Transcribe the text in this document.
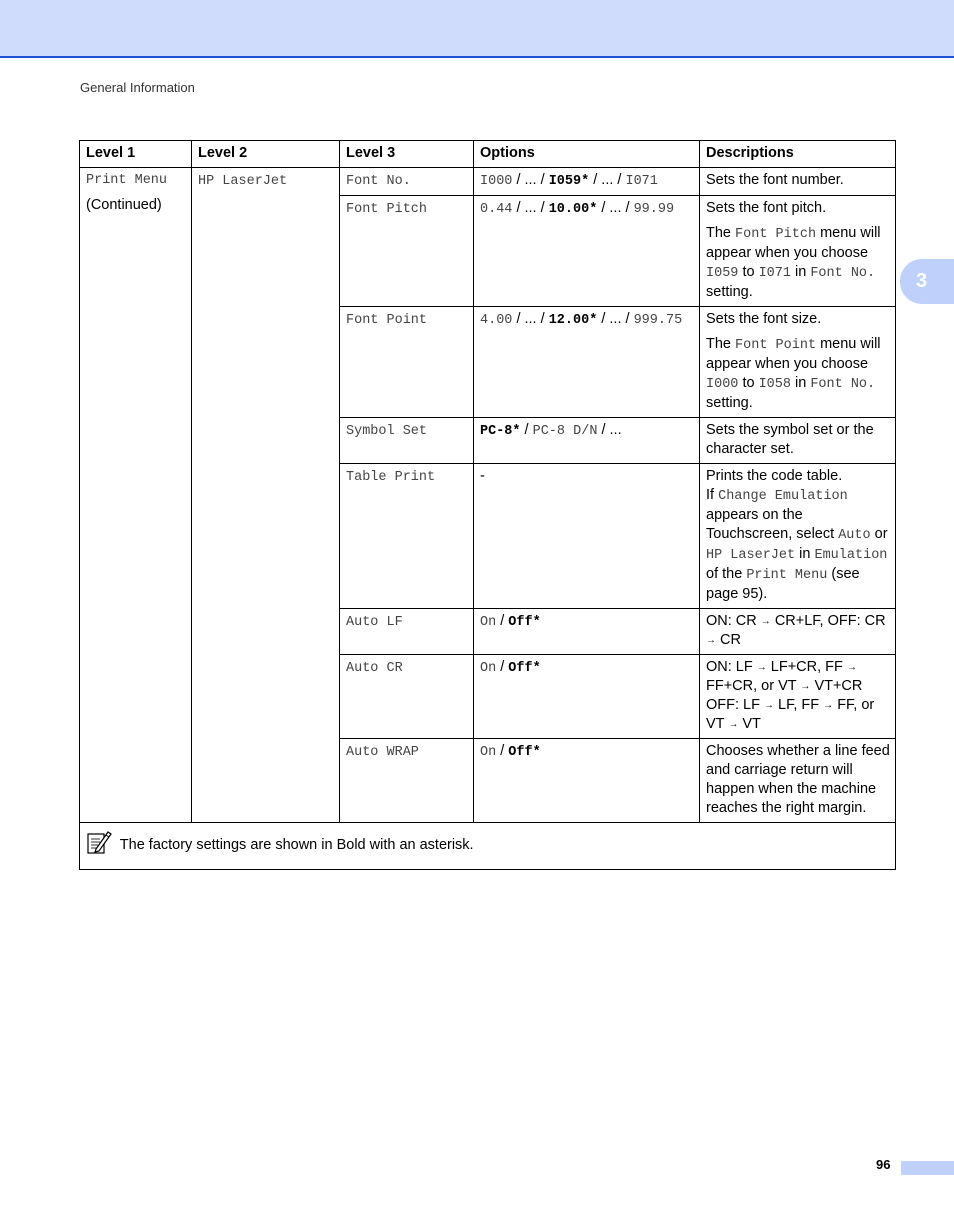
General Information
3
Level 1	Level 2	Level 3	Options	Descriptions

Print Menu
(Continued)	HP LaserJet	Font No.	I000 / ... / I059* / ... / I071	Sets the font number.
		Font Pitch	0.44 / ... / 10.00* / ... / 99.99	Sets the font pitch.

The Font Pitch menu will appear when you choose I059 to I071 in Font No. setting.

		Font Point	4.00 / ... / 12.00* / ... / 999.75	Sets the font size.

The Font Point menu will appear when you choose I000 to I058 in Font No. setting.

		Symbol Set	PC-8* / PC-8 D/N / ...	Sets the symbol set or the character set.
		Table Print	-	Prints the code table.
If Change Emulation appears on the Touchscreen, select Auto or HP LaserJet in Emulation of the Print Menu (see page 95).

		Auto LF	On / Off*	ON: CR → CR+LF, OFF: CR → CR
		Auto CR	On / Off*	ON: LF → LF+CR, FF → FF+CR, or VT → VT+CR
OFF: LF → LF, FF → FF, or VT → VT
		Auto WRAP	On / Off*	Chooses whether a line feed and carriage return will happen when the machine reaches the right margin.
The factory settings are shown in Bold with an asterisk.				
96
